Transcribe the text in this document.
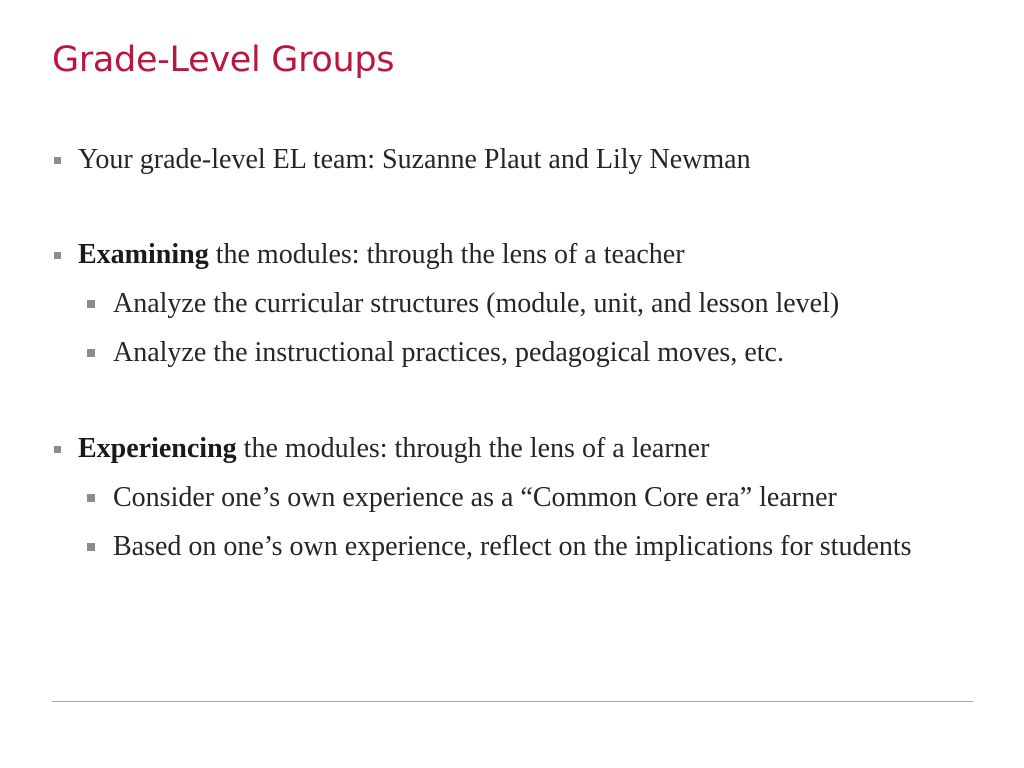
Grade-Level Groups
Your grade-level EL team: Suzanne Plaut and Lily Newman
Examining the modules: through the lens of a teacher
Analyze the curricular structures (module, unit, and lesson level)
Analyze the instructional practices, pedagogical moves, etc.
Experiencing the modules: through the lens of a learner
Consider one’s own experience as a “Common Core era” learner
Based on one’s own experience, reflect on the implications for students
